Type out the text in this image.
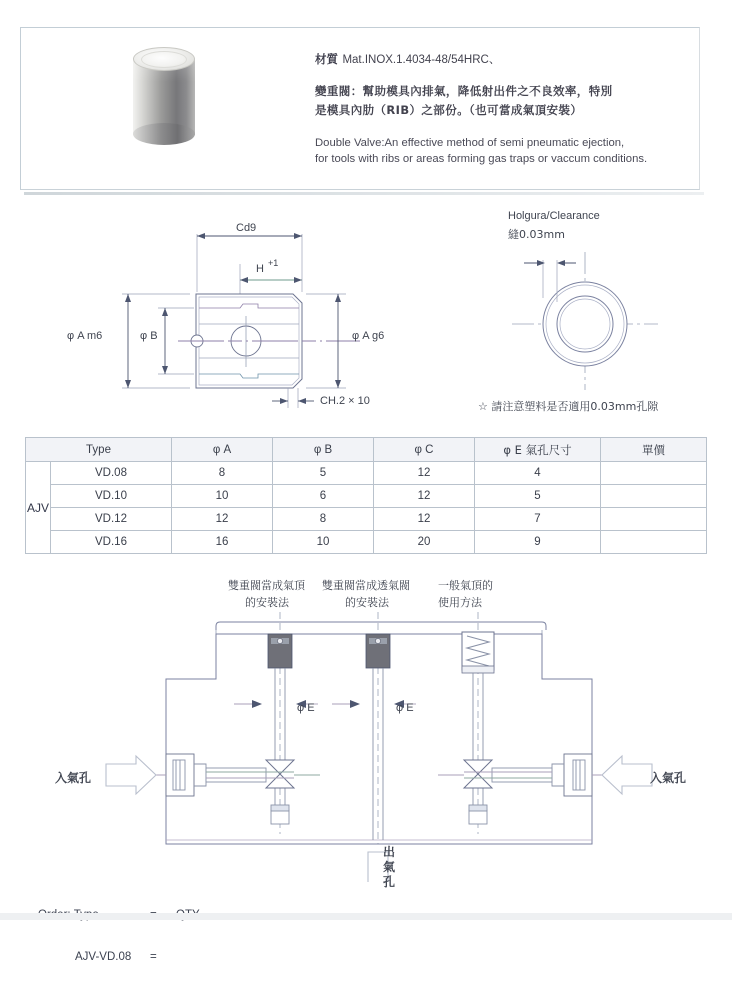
材質 Mat.INOX.1.4034-48/54HRC、
變重閥：幫助模具內排氣，降低射出件之不良效率，特別
是模具內肋（RIB）之部份。（也可當成氣頂安裝）
Double Valve:An effective method of semi pneumatic ejection,
for tools with ribs or areas forming gas traps or vaccum conditions.
Cd9
H +1
φ A m6	φ B	φ A g6
CH.2 × 10
Holgura/Clearance
縫0.03mm
☆ 請注意塑料是否適用0.03mm孔隙
Type		φ A	φ B	φ C	φ E 氣孔尺寸	單價
AJV	VD.08	8	5	12	4	
	VD.10	10	6	12	5	
	VD.12	12	8	12	7	
	VD.16	16	10	20	9	
雙重閥當成氣頂
的安裝法
雙重閥當成透氣閥
的安裝法
一般氣頂的
使用方法
φ E	φ E
入氣孔	入氣孔
出氣孔

AJV-VD.08	=
